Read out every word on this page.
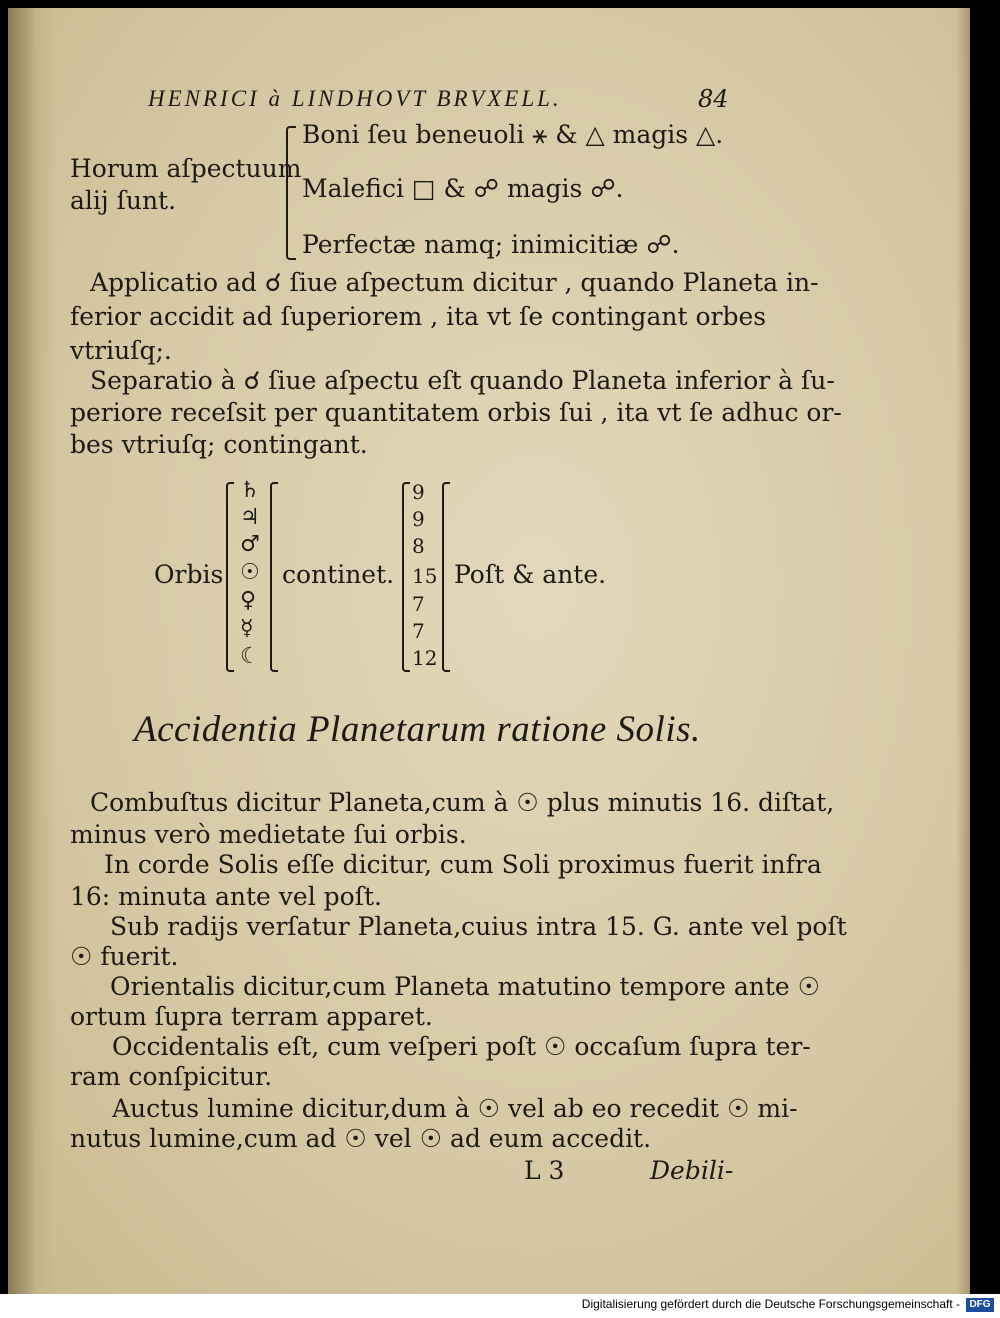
HENRICI à LINDHOVT BRVXELL.	84
Horum aſpectuum
alij ſunt.
Boni ſeu beneuoli ⚹ & △ magis △.
Malefici □ & ☍ magis ☍.
Perfectæ namq; inimicitiæ ☍.
Applicatio ad ☌ ſiue aſpectum dicitur , quando Planeta in-
ferior accidit ad ſuperiorem , ita vt ſe contingant orbes
vtriuſq;.
Separatio à ☌ ſiue aſpectu eſt quando Planeta inferior à ſu-
periore receſsit per quantitatem orbis ſui , ita vt ſe adhuc or-
bes vtriuſq; contingant.
Orbis
♄
♃
♂
☉
♀
☿
☾
continet.
9
9
8
15
7
7
12
Poſt & ante.
Accidentia Planetarum ratione Solis.
Combuſtus dicitur Planeta,cum à ☉ plus minutis 16. diſtat,
minus verò medietate ſui orbis.
In corde Solis eſſe dicitur, cum Soli proximus fuerit infra
16: minuta ante vel poſt.
Sub radijs verſatur Planeta,cuius intra 15. G. ante vel poſt
☉ fuerit.
Orientalis dicitur,cum Planeta matutino tempore ante ☉
ortum ſupra terram apparet.
Occidentalis eſt, cum veſperi poſt ☉ occaſum ſupra ter-
ram conſpicitur.
Auctus lumine dicitur,dum à ☉ vel ab eo recedit ☉ mi-
nutus lumine,cum ad ☉ vel ☉ ad eum accedit.
L 3	Debili-
Digitalisierung gefördert durch die Deutsche Forschungsgemeinschaft - DFG
